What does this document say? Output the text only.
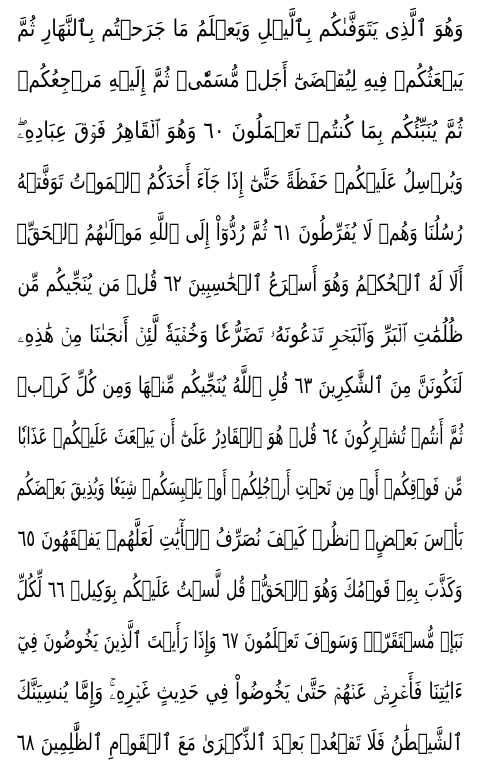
وَهُوَ ٱلَّذِى يَتَوَفَّىٰكُم بِٱلَّيۡلِ وَيَعۡلَمُ مَا جَرَحۡتُم بِٱلنَّهَارِ ثُمَّ
يَبۡعَثُكُمۡ فِيهِ لِيُقۡضَىٰٓ أَجَلٞ مُّسَمّٗىۖ ثُمَّ إِلَيۡهِ مَرۡجِعُكُمۡ
ثُمَّ يُنَبِّئُكُم بِمَا كُنتُمۡ تَعۡمَلُونَ ٦٠ وَهُوَ ٱلۡقَاهِرُ فَوۡقَ عِبَادِهِۦۖ
وَيُرۡسِلُ عَلَيۡكُمۡ حَفَظَةً حَتَّىٰٓ إِذَا جَآءَ أَحَدَكُمُ ٱلۡمَوۡتُ تَوَفَّتۡهُ
رُسُلُنَا وَهُمۡ لَا يُفَرِّطُونَ ٦١ ثُمَّ رُدُّوٓاْ إِلَى ٱللَّهِ مَوۡلَىٰهُمُ ٱلۡحَقِّۚ
أَلَا لَهُ ٱلۡحُكۡمُ وَهُوَ أَسۡرَعُ ٱلۡحَٰسِبِينَ ٦٢ قُلۡ مَن يُنَجِّيكُم مِّن
ظُلُمَٰتِ ٱلۡبَرِّ وَٱلۡبَحۡرِ تَدۡعُونَهُۥ تَضَرُّعٗا وَخُفۡيَةٗ لَّئِنۡ أَنجَىٰنَا مِنۡ هَٰذِهِۦ
لَنَكُونَنَّ مِنَ ٱلشَّٰكِرِينَ ٦٣ قُلِ ٱللَّهُ يُنَجِّيكُم مِّنۡهَا وَمِن كُلِّ كَرۡبٖ
ثُمَّ أَنتُمۡ تُشۡرِكُونَ ٦٤ قُلۡ هُوَ ٱلۡقَادِرُ عَلَىٰٓ أَن يَبۡعَثَ عَلَيۡكُمۡ عَذَابٗا
مِّن فَوۡقِكُمۡ أَوۡ مِن تَحۡتِ أَرۡجُلِكُمۡ أَوۡ يَلۡبِسَكُمۡ شِيَعٗا وَيُذِيقَ بَعۡضَكُم
بَأۡسَ بَعۡضٍۗ ٱنظُرۡ كَيۡفَ نُصَرِّفُ ٱلۡأٓيَٰتِ لَعَلَّهُمۡ يَفۡقَهُونَ ٦٥
وَكَذَّبَ بِهِۦ قَوۡمُكَ وَهُوَ ٱلۡحَقُّۚ قُل لَّسۡتُ عَلَيۡكُم بِوَكِيلٖ ٦٦ لِّكُلِّ
نَبَإٖ مُّسۡتَقَرّٞۚ وَسَوۡفَ تَعۡلَمُونَ ٦٧ وَإِذَا رَأَيۡتَ ٱلَّذِينَ يَخُوضُونَ فِيٓ
ءَايَٰتِنَا فَأَعۡرِضۡ عَنۡهُمۡ حَتَّىٰ يَخُوضُواْ فِي حَدِيثٍ غَيۡرِهِۦۚ وَإِمَّا يُنسِيَنَّكَ
ٱلشَّيۡطَٰنُ فَلَا تَقۡعُدۡ بَعۡدَ ٱلذِّكۡرَىٰ مَعَ ٱلۡقَوۡمِ ٱلظَّٰلِمِينَ ٦٨
